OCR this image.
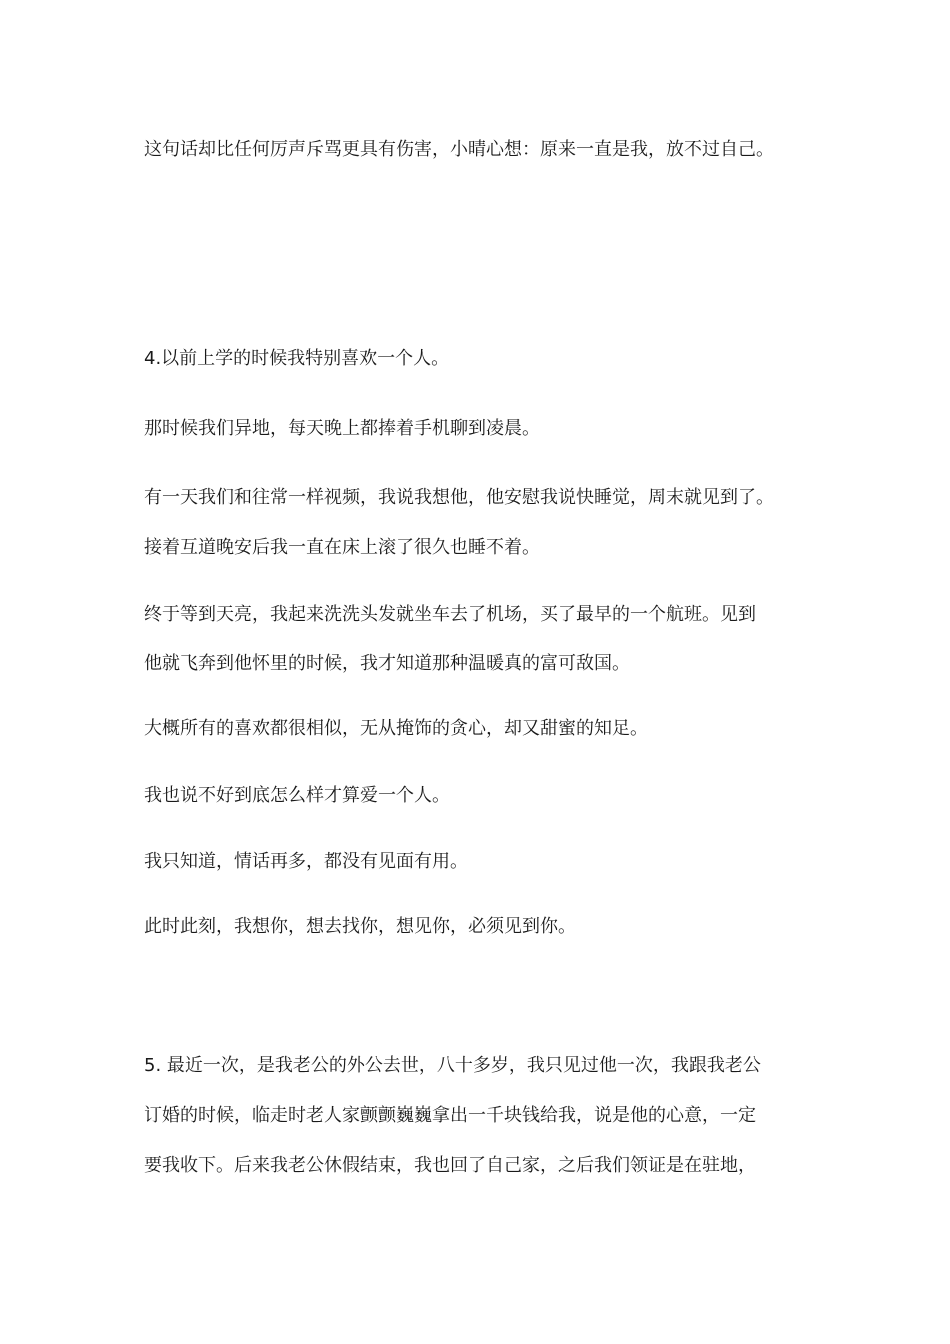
这句话却比任何厉声斥骂更具有伤害，小晴心想：原来一直是我，放不过自己。

4.以前上学的时候我特别喜欢一个人。

那时候我们异地，每天晚上都捧着手机聊到凌晨。

有一天我们和往常一样视频，我说我想他，他安慰我说快睡觉，周末就见到了。

接着互道晚安后我一直在床上滚了很久也睡不着。

终于等到天亮，我起来洗洗头发就坐车去了机场，买了最早的一个航班。见到

他就飞奔到他怀里的时候，我才知道那种温暖真的富可敌国。

大概所有的喜欢都很相似，无从掩饰的贪心，却又甜蜜的知足。

我也说不好到底怎么样才算爱一个人。

我只知道，情话再多，都没有见面有用。

此时此刻，我想你，想去找你，想见你，必须见到你。

5. 最近一次，是我老公的外公去世，八十多岁，我只见过他一次，我跟我老公

订婚的时候，临走时老人家颤颤巍巍拿出一千块钱给我，说是他的心意，一定

要我收下。后来我老公休假结束，我也回了自己家，之后我们领证是在驻地，
